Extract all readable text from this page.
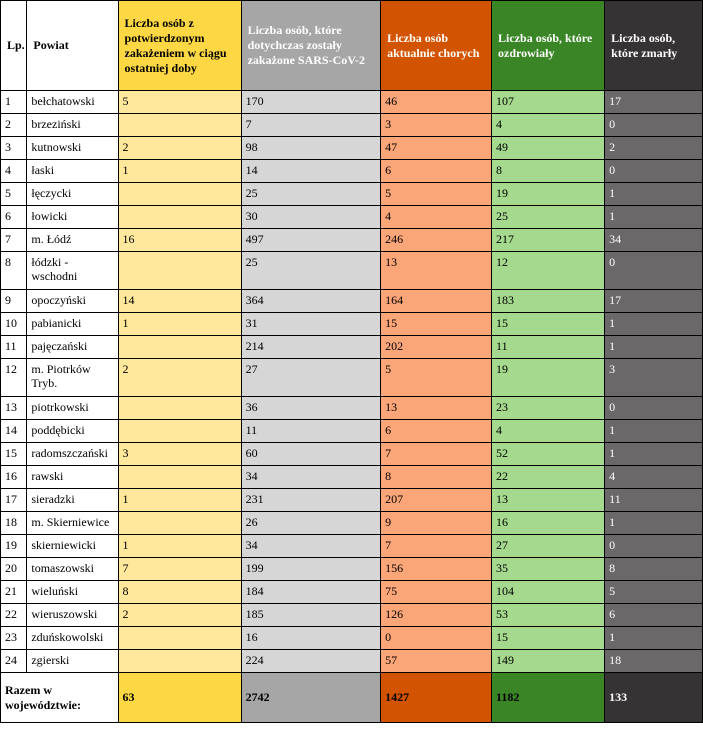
Lp.	Powiat	Liczba osób z potwierdzonym zakażeniem w ciągu ostatniej doby	Liczba osób, które dotychczas zostały zakażone SARS-CoV-2	Liczba osób aktualnie chorych	Liczba osób, które ozdrowiały	Liczba osób, które zmarły
1	bełchatowski	5	170	46	107	17
2	brzeziński		7	3	4	0
3	kutnowski	2	98	47	49	2
4	łaski	1	14	6	8	0
5	łęczycki		25	5	19	1
6	łowicki		30	4	25	1
7	m. Łódź	16	497	246	217	34
8	łódzki - wschodni		25	13	12	0
9	opoczyński	14	364	164	183	17
10	pabianicki	1	31	15	15	1
11	pajęczański		214	202	11	1
12	m. Piotrków Tryb.	2	27	5	19	3
13	piotrkowski		36	13	23	0
14	poddębicki		11	6	4	1
15	radomszczański	3	60	7	52	1
16	rawski		34	8	22	4
17	sieradzki	1	231	207	13	11
18	m. Skierniewice		26	9	16	1
19	skierniewicki	1	34	7	27	0
20	tomaszowski	7	199	156	35	8
21	wieluński	8	184	75	104	5
22	wieruszowski	2	185	126	53	6
23	zduńskowolski		16	0	15	1
24	zgierski		224	57	149	18
Razem w województwie:		63	2742	1427	1182	133
